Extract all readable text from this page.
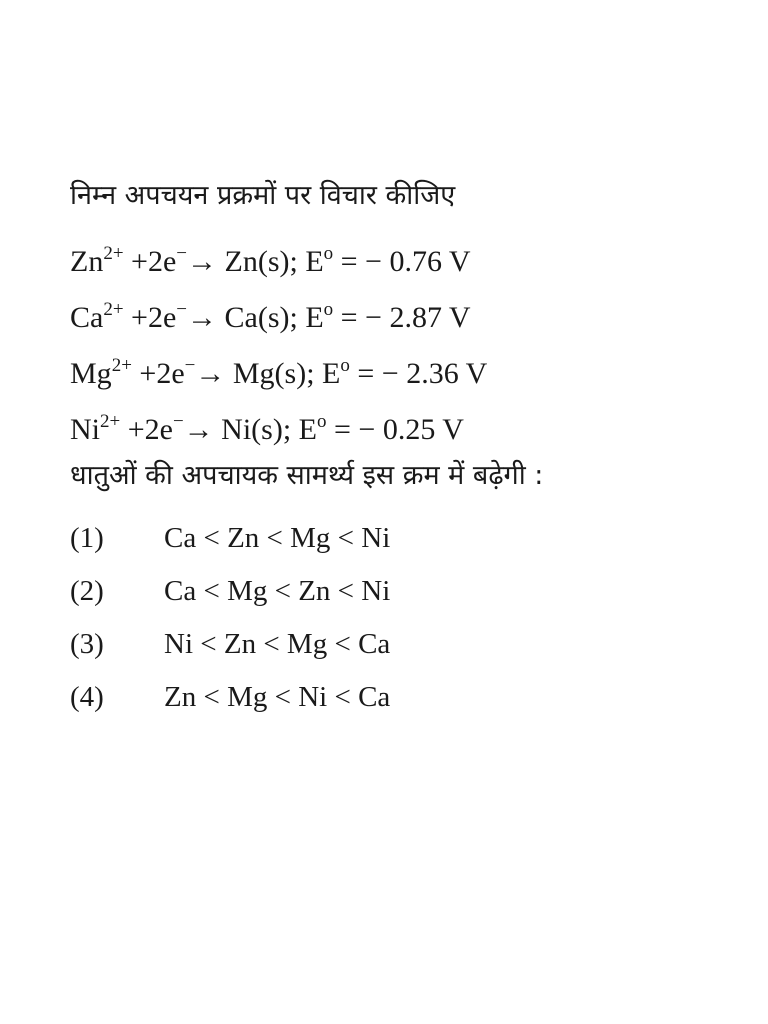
निम्न अपचयन प्रक्रमों पर विचार कीजिए
$Zn^{2+} +2e^-\to Zn(s)$; $E^o$ = − 0.76 V
$Ca^{2+} +2e^-\to Ca(s)$; $E^o$ = − 2.87 V
$Mg^{2+} +2e^-\to Mg(s)$; $E^o$ = − 2.36 V
$Ni^{2+} +2e^-\to Ni(s)$; $E^o$ = − 0.25 V
धातुओं की अपचायक सामर्थ्य इस क्रम में बढ़ेगी :
(1)	Ca < Zn < Mg < Ni
(2)	Ca < Mg < Zn < Ni
(3)	Ni < Zn < Mg < Ca
(4)	Zn < Mg < Ni < Ca
